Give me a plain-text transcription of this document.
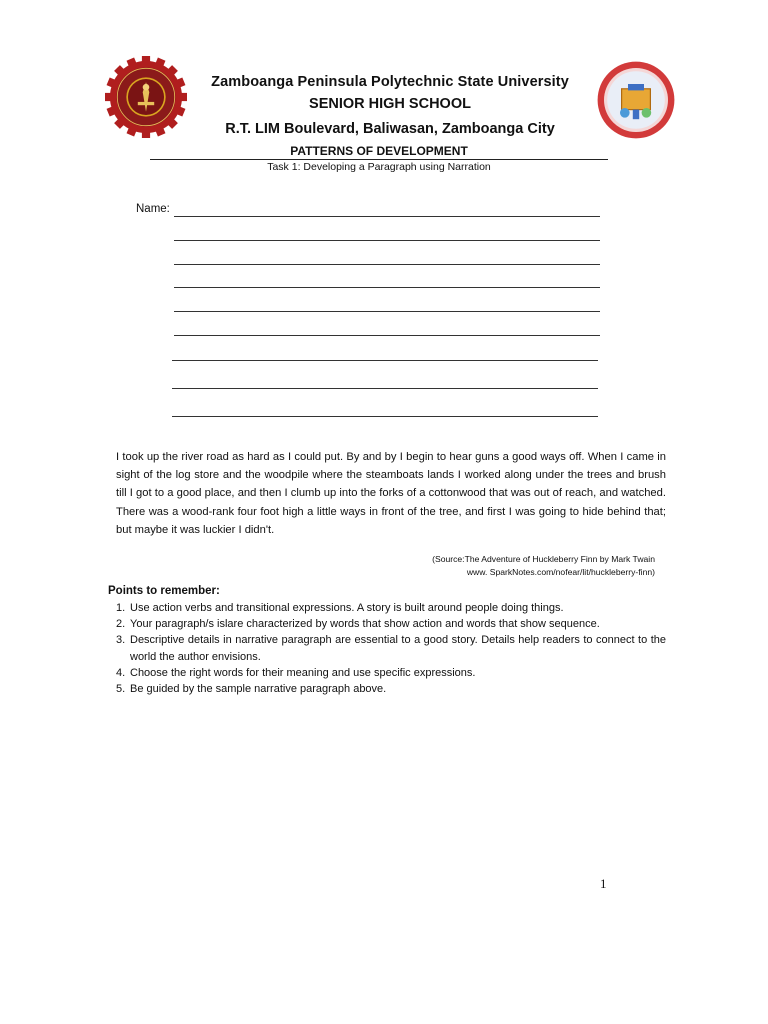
Zamboanga Peninsula Polytechnic State University

SENIOR HIGH SCHOOL

R.T. LIM Boulevard, Baliwasan, Zamboanga City

PATTERNS OF DEVELOPMENT
Task 1: Developing a Paragraph using Narration
Name:

I took up the river road as hard as I could put. By and by I begin to hear guns a good ways off. When I came in sight of the log store and the woodpile where the steamboats lands I worked along under the trees and brush till I got to a good place, and then I clumb up into the forks of a cottonwood that was out of reach, and watched. There was a wood-rank four foot high a little ways in front of the tree, and first I was going to hide behind that; but maybe it was luckier I didn't.

(Source:The Adventure of Huckleberry Finn by Mark Twain
www. SparkNotes.com/nofear/lit/huckleberry-finn)
Points to remember:
1. Use action verbs and transitional expressions. A story is built around people doing things.
2. Your paragraph/s islare characterized by words that show action and words that show sequence.
3. Descriptive details in narrative paragraph are essential to a good story. Details help readers to connect to the world the author envisions.
4. Choose the right words for their meaning and use specific expressions.
5. Be guided by the sample narrative paragraph above.
1
